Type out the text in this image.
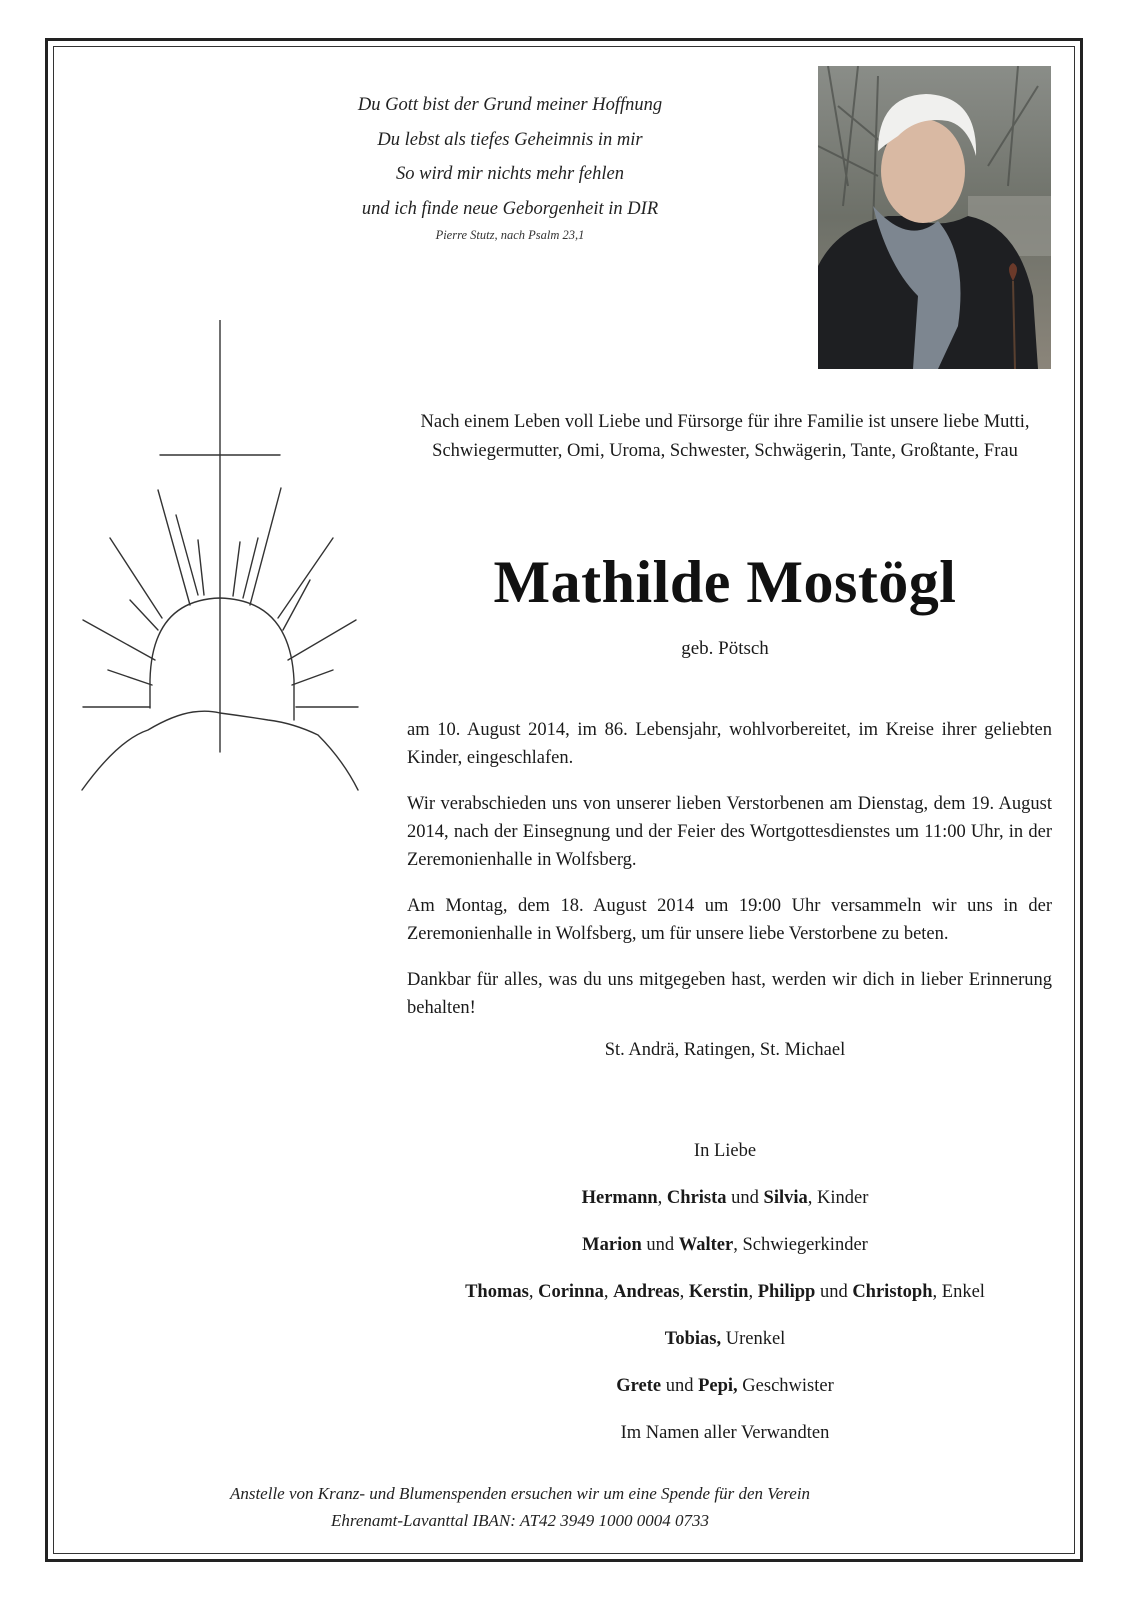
Du Gott bist der Grund meiner Hoffnung
Du lebst als tiefes Geheimnis in mir
So wird mir nichts mehr fehlen
und ich finde neue Geborgenheit in DIR
Pierre Stutz, nach Psalm 23,1
Nach einem Leben voll Liebe und Fürsorge für ihre Familie ist unsere liebe Mutti, Schwiegermutter, Omi, Uroma, Schwester, Schwägerin, Tante, Großtante, Frau
Mathilde Mostögl
geb. Pötsch
am 10. August 2014, im 86. Lebensjahr, wohlvorbereitet, im Kreise ihrer geliebten Kinder, eingeschlafen.
Wir verabschieden uns von unserer lieben Verstorbenen am Dienstag, dem 19. August 2014, nach der Einsegnung und der Feier des Wortgottesdienstes um 11:00 Uhr, in der Zeremonienhalle in Wolfsberg.
Am Montag, dem 18. August 2014 um 19:00 Uhr versammeln wir uns in der Zeremonienhalle in Wolfsberg, um für unsere liebe Verstorbene zu beten.
Dankbar für alles, was du uns mitgegeben hast, werden wir dich in lieber Erinnerung behalten!
St. Andrä, Ratingen, St. Michael
In Liebe
Hermann, Christa und Silvia, Kinder
Marion und Walter, Schwiegerkinder
Thomas, Corinna, Andreas, Kerstin, Philipp und Christoph, Enkel
Tobias, Urenkel
Grete und Pepi, Geschwister
Im Namen aller Verwandten
Anstelle von Kranz- und Blumenspenden ersuchen wir um eine Spende für den Verein
Ehrenamt-Lavanttal IBAN: AT42 3949 1000 0004 0733
